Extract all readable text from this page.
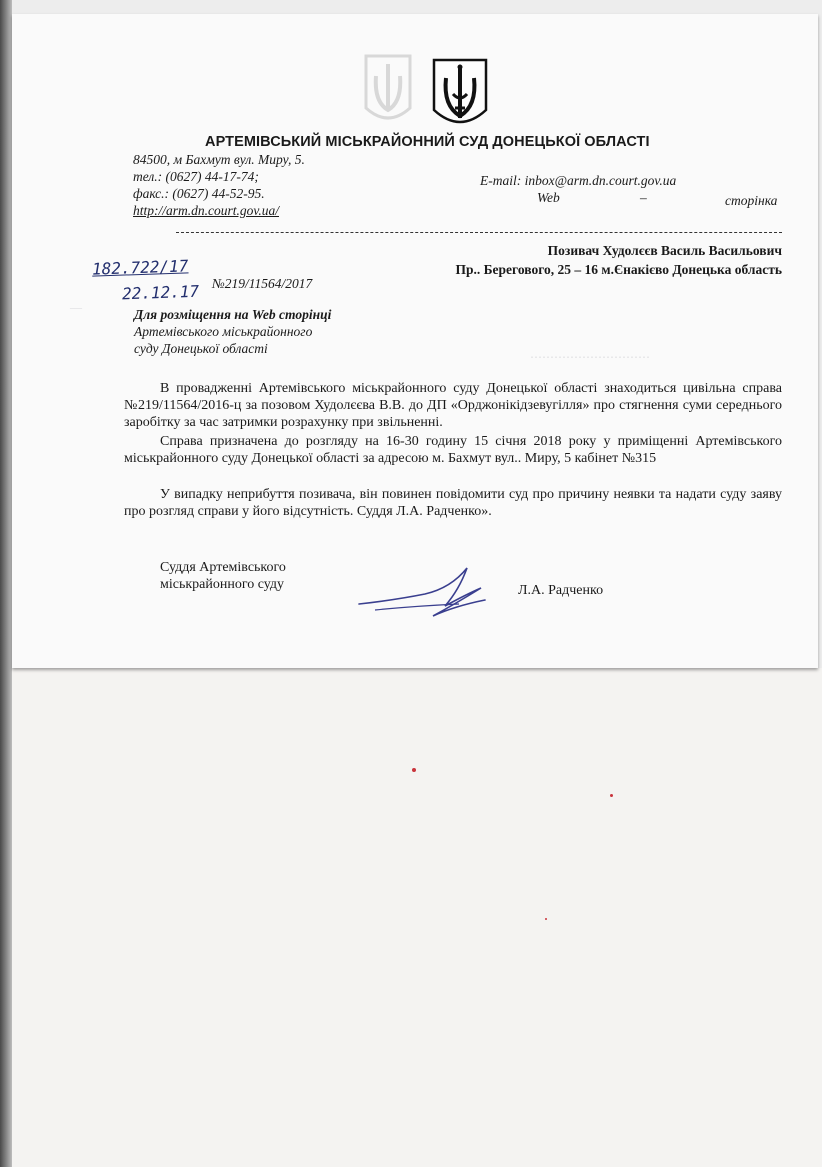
—
⋯⋯⋯⋯⋯⋯⋯⋯⋯⋯
АРТЕМІВСЬКИЙ МІСЬКРАЙОННИЙ СУД ДОНЕЦЬКОЇ ОБЛАСТІ
84500, м Бахмут вул. Миру, 5.
тел.: (0627) 44-17-74;
факс.: (0627) 44-52-95.
http://arm.dn.court.gov.ua/
E-mail: inbox@arm.dn.court.gov.ua
Web	–	сторінка
Позивач Худолєєв Василь Васильович
Пр.. Берегового, 25 – 16 м.Єнакієво Донецька область
182.722/17
№219/11564/2017
22.12.17
Для розміщення на Web сторінці
Артемівського міськрайонного
суду Донецької області
В провадженні Артемівського міськрайонного суду Донецької області знаходиться цивільна справа №219/11564/2016-ц за позовом Худолєєва В.В. до ДП «Орджонікідзевугілля» про стягнення суми середнього заробітку за час затримки розрахунку при звільненні.
Справа призначена до розгляду на 16-30 годину 15 січня 2018 року у приміщенні Артемівського міськрайонного суду Донецької області за адресою м. Бахмут вул.. Миру, 5 кабінет №315
У випадку неприбуття позивача, він повинен повідомити суд про причину неявки та надати суду заяву про розгляд справи у його відсутність. Суддя Л.А. Радченко».
Суддя Артемівського
міськрайонного суду	Л.А. Радченко
